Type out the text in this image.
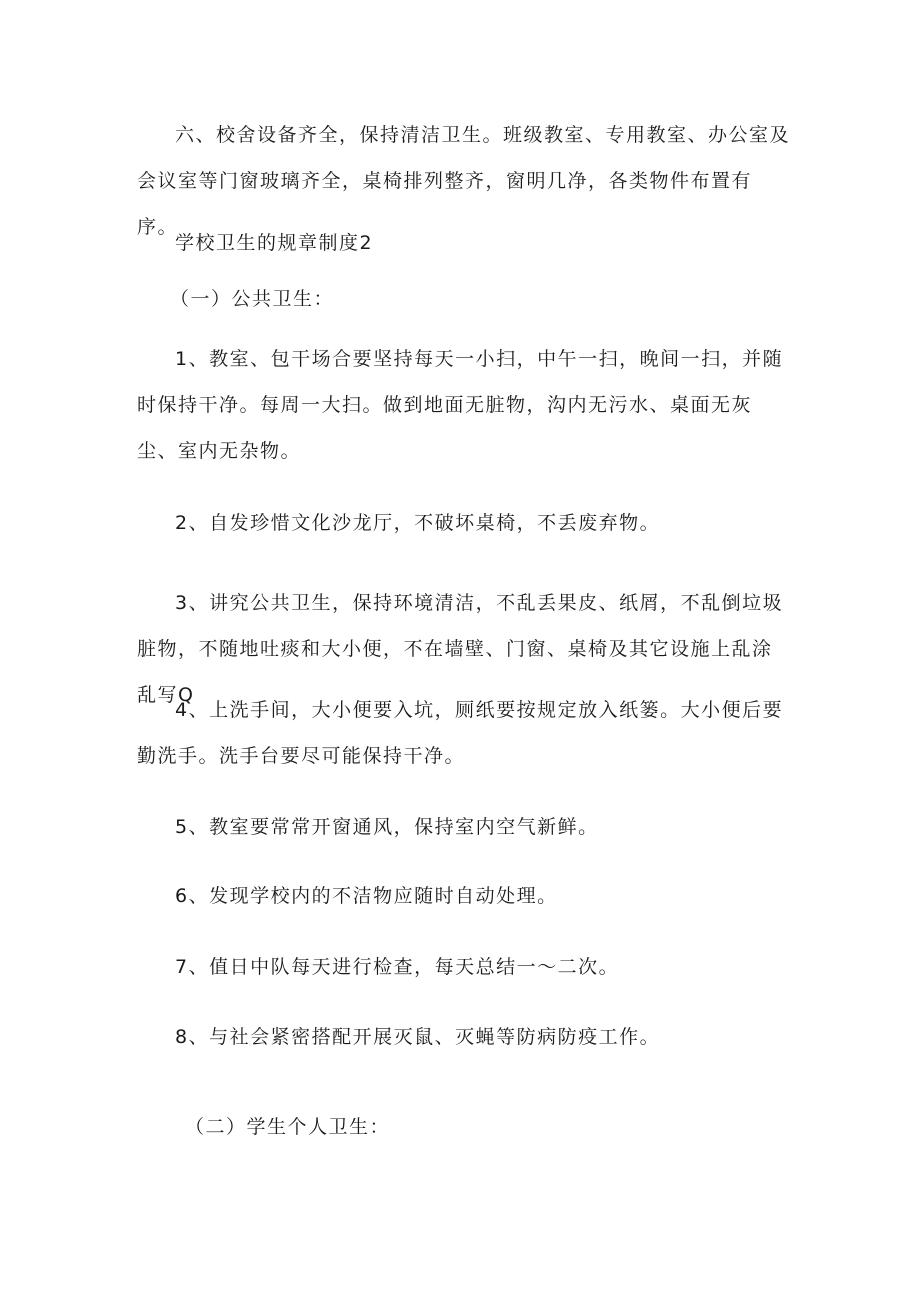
六、校舍设备齐全，保持清洁卫生。班级教室、专用教室、办公室及会议室等门窗玻璃齐全，桌椅排列整齐，窗明几净，各类物件布置有序。

学校卫生的规章制度2

（一）公共卫生：

1、教室、包干场合要坚持每天一小扫，中午一扫，晚间一扫，并随时保持干净。每周一大扫。做到地面无脏物，沟内无污水、桌面无灰尘、室内无杂物。

2、自发珍惜文化沙龙厅，不破坏桌椅，不丢废弃物。

3、讲究公共卫生，保持环境清洁，不乱丢果皮、纸屑，不乱倒垃圾脏物，不随地吐痰和大小便，不在墙壁、门窗、桌椅及其它设施上乱涂乱写Q

4、上洗手间，大小便要入坑，厕纸要按规定放入纸篓。大小便后要勤洗手。洗手台要尽可能保持干净。

5、教室要常常开窗通风，保持室内空气新鲜。

6、发现学校内的不洁物应随时自动处理。

7、值日中队每天进行检查，每天总结一～二次。

8、与社会紧密搭配开展灭鼠、灭蝇等防病防疫工作。

（二）学生个人卫生：
